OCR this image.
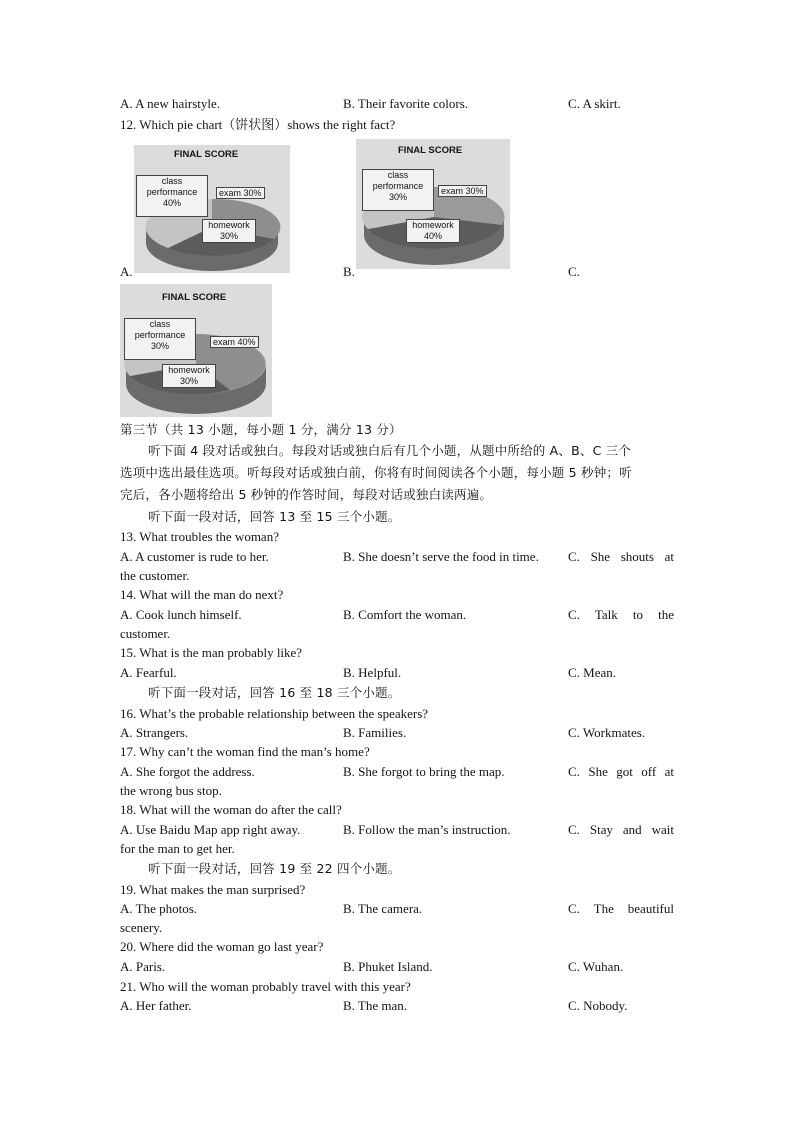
A. A new hairstyle.	B. Their favorite colors.	C. A skirt.
12. Which pie chart（饼状图）shows the right fact?
FINAL SCORE
class
performance
40%
exam 30%
homework
30%
FINAL SCORE
class
performance
30%
exam 30%
homework
40%
A.	B.	C.
FINAL SCORE
class
performance
30%	exam 40%
homework
30%
第三节（共 13 小题，每小题 1 分，满分 13 分）
听下面 4 段对话或独白。每段对话或独白后有几个小题，从题中所给的 A、B、C 三个
选项中选出最佳选项。听每段对话或独白前，你将有时间阅读各个小题，每小题 5 秒钟；听
完后，各小题将给出 5 秒钟的作答时间，每段对话或独白读两遍。
听下面一段对话，回答 13 至 15 三个小题。
13. What troubles the woman?
A. A customer is rude to her.	B. She doesn’t serve the food in time. C. She shouts at
the customer.
14. What will the man do next?
A. Cook lunch himself.	B. Comfort the woman.	C. Talk to the
customer.
15. What is the man probably like?
A. Fearful.	B. Helpful.	C. Mean.
听下面一段对话，回答 16 至 18 三个小题。
16. What’s the probable relationship between the speakers?
A. Strangers.	B. Families.	C. Workmates.
17. Why can’t the woman find the man’s home?
A. She forgot the address.	B. She forgot to bring the map.	C. She got off at
the wrong bus stop.
18. What will the woman do after the call?
A. Use Baidu Map app right away.	B. Follow the man’s instruction.	C. Stay and wait
for the man to get her.
听下面一段对话，回答 19 至 22 四个小题。
19. What makes the man surprised?
A. The photos.	B. The camera.	C. The beautiful
scenery.
20. Where did the woman go last year?
A. Paris.	B. Phuket Island.	C. Wuhan.
21. Who will the woman probably travel with this year?
A. Her father.	B. The man.	C. Nobody.
